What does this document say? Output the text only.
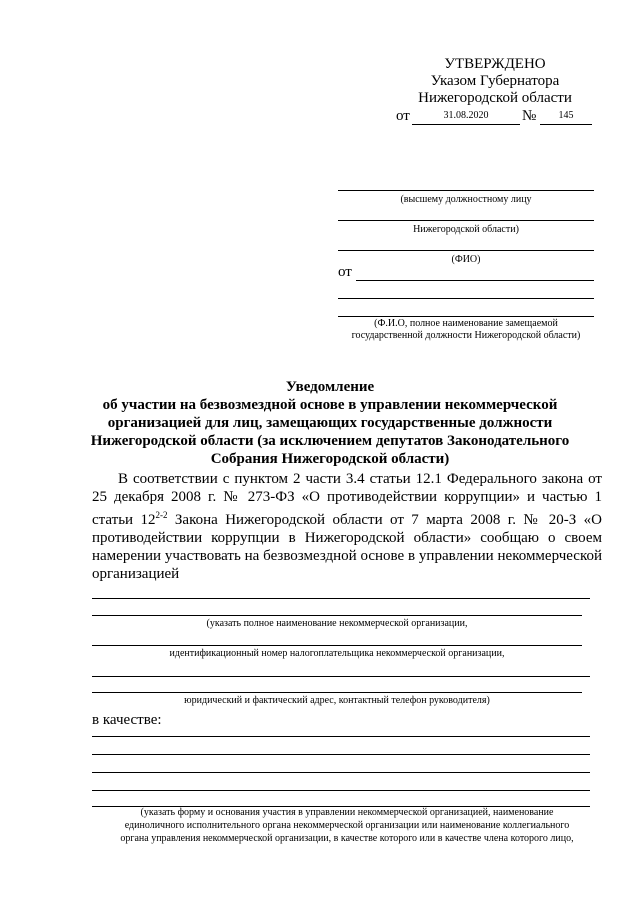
УТВЕРЖДЕНО
Указом Губернатора
Нижегородской области
от	31.08.2020	№	145
(высшему должностному лицу
Нижегородской области)
(ФИО)
от
(Ф.И.О, полное наименование замещаемой
государственной должности Нижегородской области)
Уведомление
об участии на безвозмездной основе в управлении некоммерческой
организацией для лиц, замещающих государственные должности
Нижегородской области (за исключением депутатов Законодательного
Собрания Нижегородской области)
В соответствии с пунктом 2 части 3.4 статьи 12.1 Федерального закона от 25 декабря 2008 г. № 273-ФЗ «О противодействии коррупции» и частью 1 статьи 12$^{2-2}$ Закона Нижегородской области от 7 марта 2008 г. № 20-З «О противодействии коррупции в Нижегородской области» сообщаю о своем намерении участвовать на безвозмездной основе в управлении некоммерческой организацией
(указать полное наименование некоммерческой организации,
идентификационный номер налогоплательщика некоммерческой организации,
юридический и фактический адрес, контактный телефон руководителя)
в качестве:
(указать форму и основания участия в управлении некоммерческой организацией, наименование
единоличного исполнительного органа некоммерческой организации или наименование коллегиального
органа управления некоммерческой организации, в качестве которого или в качестве члена которого лицо,
